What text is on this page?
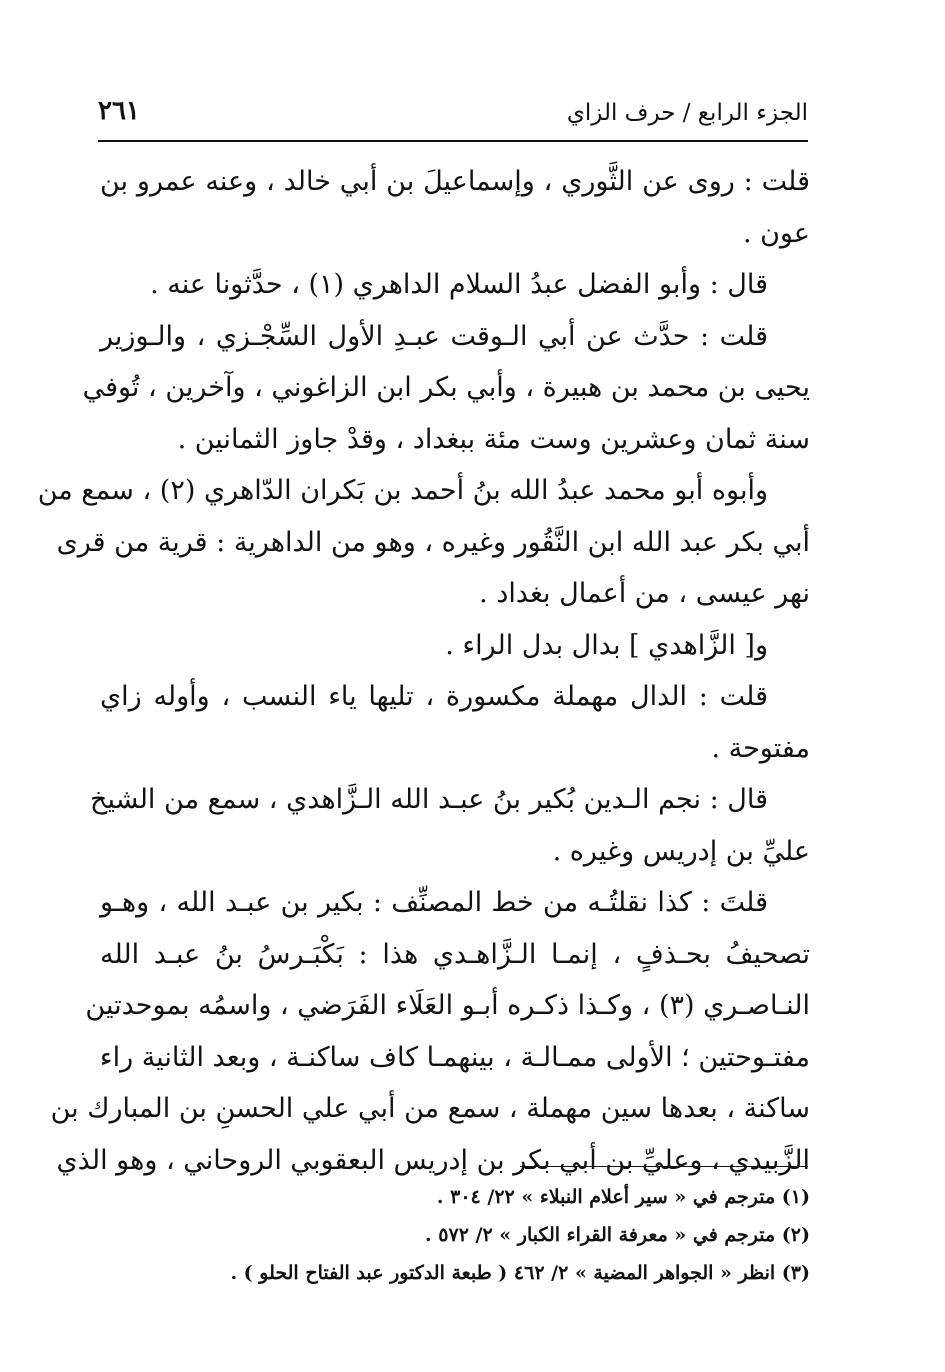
الجزء الرابع / حرف الزاي
٢٦١
قلت : روى عن الثَّوري ، وإسماعيلَ بن أبي خالد ، وعنه عمرو بن
عون .
قال : وأبو الفضل عبدُ السلام الداهري (١) ، حدَّثونا عنه .
قلت : حدَّث عن أبي الـوقت عبـدِ الأول السِّجْـزي ، والـوزير
يحيى بن محمد بن هبيرة ، وأبي بكر ابن الزاغوني ، وآخرين ، تُوفي
سنة ثمان وعشرين وست مئة ببغداد ، وقدْ جاوز الثمانين .
وأبوه أبو محمد عبدُ الله بنُ أحمد بن بَكران الدّاهري (٢) ، سمع من
أبي بكر عبد الله ابن النَّقُور وغيره ، وهو من الداهرية : قرية من قرى
نهر عيسى ، من أعمال بغداد .
و[ الزَّاهدي ] بدال بدل الراء .
قلت : الدال مهملة مكسورة ، تليها ياء النسب ، وأوله زاي
مفتوحة .
قال : نجم الـدين بُكير بنُ عبـد الله الـزَّاهدي ، سمع من الشيخ
عليِّ بن إدريس وغيره .
قلتَ : كذا نقلتُـه من خط المصنِّف : بكير بن عبـد الله ، وهـو
تصحيفُ بحـذفٍ ، إنمـا الـزَّاهـدي هذا : بَكْبَـرسُ بنُ عبـد الله
النـاصـري (٣) ، وكـذا ذكـره أبـو العَلَاء الفَرَضي ، واسمُه بموحدتين
مفتـوحتين ؛ الأولى ممـالـة ، بينهمـا كاف ساكنـة ، وبعد الثانية راء
ساكنة ، بعدها سين مهملة ، سمع من أبي علي الحسنِ بن المبارك بن
الزَّبيدي ، وعليِّ بن أبي بكر بن إدريس البعقوبي الروحاني ، وهو الذي
(١) مترجم في « سير أعلام النبلاء » ٢٢/ ٣٠٤ .
(٢) مترجم في « معرفة القراء الكبار » ٢/ ٥٧٢ .
(٣) انظر « الجواهر المضية » ٢/ ٤٦٢ ( طبعة الدكتور عبد الفتاح الحلو ) .
